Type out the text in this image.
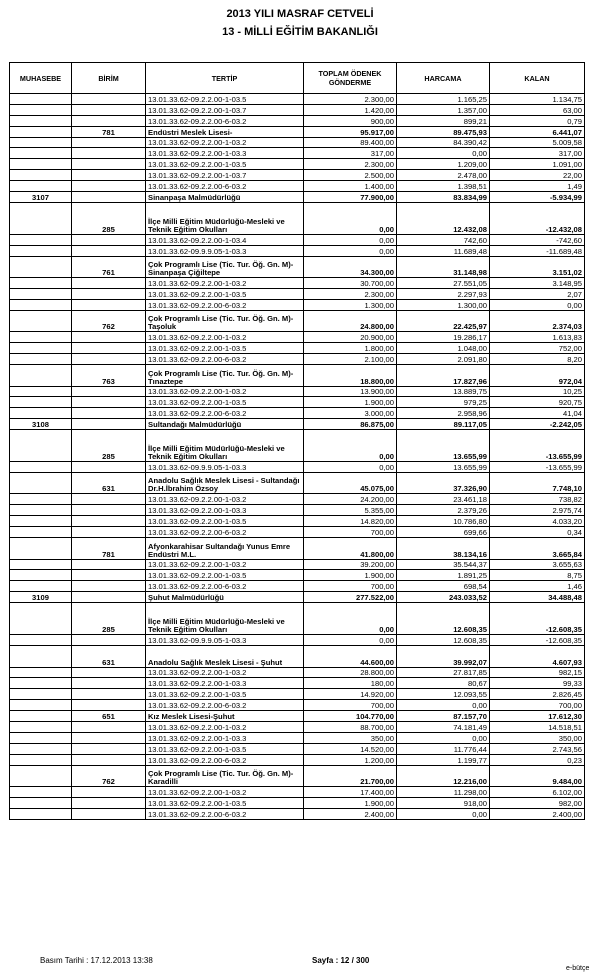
2013 YILI MASRAF CETVELİ
13 - MİLLİ EĞİTİM BAKANLIĞI
MUHASEBE	BİRİM	TERTİP	TOPLAM ÖDENEK GÖNDERME	HARCAMA	KALAN
		13.01.33.62-09.2.2.00-1-03.5	2.300,00	1.165,25	1.134,75
		13.01.33.62-09.2.2.00-1-03.7	1.420,00	1.357,00	63,00
		13.01.33.62-09.2.2.00-6-03.2	900,00	899,21	0,79
	781	Endüstri Meslek Lisesi-	95.917,00	89.475,93	6.441,07
		13.01.33.62-09.2.2.00-1-03.2	89.400,00	84.390,42	5.009,58
		13.01.33.62-09.2.2.00-1-03.3	317,00	0,00	317,00
		13.01.33.62-09.2.2.00-1-03.5	2.300,00	1.209,00	1.091,00
		13.01.33.62-09.2.2.00-1-03.7	2.500,00	2.478,00	22,00
		13.01.33.62-09.2.2.00-6-03.2	1.400,00	1.398,51	1,49
3107		Sinanpaşa Malmüdürlüğü	77.900,00	83.834,99	-5.934,99
	285	İlçe Milli Eğitim Müdürlüğü-Mesleki ve Teknik Eğitim Okulları	0,00	12.432,08	-12.432,08
		13.01.33.62-09.2.2.00-1-03.4	0,00	742,60	-742,60
		13.01.33.62-09.9.9.05-1-03.3	0,00	11.689,48	-11.689,48
	761	Çok Programlı Lise (Tic. Tur. Öğ. Gn. M)-Sinanpaşa Çiğiltepe	34.300,00	31.148,98	3.151,02
		13.01.33.62-09.2.2.00-1-03.2	30.700,00	27.551,05	3.148,95
		13.01.33.62-09.2.2.00-1-03.5	2.300,00	2.297,93	2,07
		13.01.33.62-09.2.2.00-6-03.2	1.300,00	1.300,00	0,00
	762	Çok Programlı Lise (Tic. Tur. Öğ. Gn. M)-Taşoluk	24.800,00	22.425,97	2.374,03
		13.01.33.62-09.2.2.00-1-03.2	20.900,00	19.286,17	1.613,83
		13.01.33.62-09.2.2.00-1-03.5	1.800,00	1.048,00	752,00
		13.01.33.62-09.2.2.00-6-03.2	2.100,00	2.091,80	8,20
	763	Çok Programlı Lise (Tic. Tur. Öğ. Gn. M)-Tınaztepe	18.800,00	17.827,96	972,04
		13.01.33.62-09.2.2.00-1-03.2	13.900,00	13.889,75	10,25
		13.01.33.62-09.2.2.00-1-03.5	1.900,00	979,25	920,75
		13.01.33.62-09.2.2.00-6-03.2	3.000,00	2.958,96	41,04
3108		Sultandağı Malmüdürlüğü	86.875,00	89.117,05	-2.242,05
	285	İlçe Milli Eğitim Müdürlüğü-Mesleki ve Teknik Eğitim Okulları	0,00	13.655,99	-13.655,99
		13.01.33.62-09.9.9.05-1-03.3	0,00	13.655,99	-13.655,99
	631	Anadolu Sağlık Meslek Lisesi - Sultandağı Dr.H.İbrahim Özsoy	45.075,00	37.326,90	7.748,10
		13.01.33.62-09.2.2.00-1-03.2	24.200,00	23.461,18	738,82
		13.01.33.62-09.2.2.00-1-03.3	5.355,00	2.379,26	2.975,74
		13.01.33.62-09.2.2.00-1-03.5	14.820,00	10.786,80	4.033,20
		13.01.33.62-09.2.2.00-6-03.2	700,00	699,66	0,34
	781	Afyonkarahisar Sultandağı Yunus Emre Endüstri M.L.	41.800,00	38.134,16	3.665,84
		13.01.33.62-09.2.2.00-1-03.2	39.200,00	35.544,37	3.655,63
		13.01.33.62-09.2.2.00-1-03.5	1.900,00	1.891,25	8,75
		13.01.33.62-09.2.2.00-6-03.2	700,00	698,54	1,46
3109		Şuhut Malmüdürlüğü	277.522,00	243.033,52	34.488,48
	285	İlçe Milli Eğitim Müdürlüğü-Mesleki ve Teknik Eğitim Okulları	0,00	12.608,35	-12.608,35
		13.01.33.62-09.9.9.05-1-03.3	0,00	12.608,35	-12.608,35
	631	Anadolu Sağlık Meslek Lisesi - Şuhut	44.600,00	39.992,07	4.607,93
		13.01.33.62-09.2.2.00-1-03.2	28.800,00	27.817,85	982,15
		13.01.33.62-09.2.2.00-1-03.3	180,00	80,67	99,33
		13.01.33.62-09.2.2.00-1-03.5	14.920,00	12.093,55	2.826,45
		13.01.33.62-09.2.2.00-6-03.2	700,00	0,00	700,00
	651	Kız Meslek Lisesi-Şuhut	104.770,00	87.157,70	17.612,30
		13.01.33.62-09.2.2.00-1-03.2	88.700,00	74.181,49	14.518,51
		13.01.33.62-09.2.2.00-1-03.3	350,00	0,00	350,00
		13.01.33.62-09.2.2.00-1-03.5	14.520,00	11.776,44	2.743,56
		13.01.33.62-09.2.2.00-6-03.2	1.200,00	1.199,77	0,23
	762	Çok Programlı Lise (Tic. Tur. Öğ. Gn. M)-Karadilli	21.700,00	12.216,00	9.484,00
		13.01.33.62-09.2.2.00-1-03.2	17.400,00	11.298,00	6.102,00
		13.01.33.62-09.2.2.00-1-03.5	1.900,00	918,00	982,00
		13.01.33.62-09.2.2.00-6-03.2	2.400,00	0,00	2.400,00
Basım Tarihi : 17.12.2013 13:38	Sayfa : 12 / 300
e-bütçe
